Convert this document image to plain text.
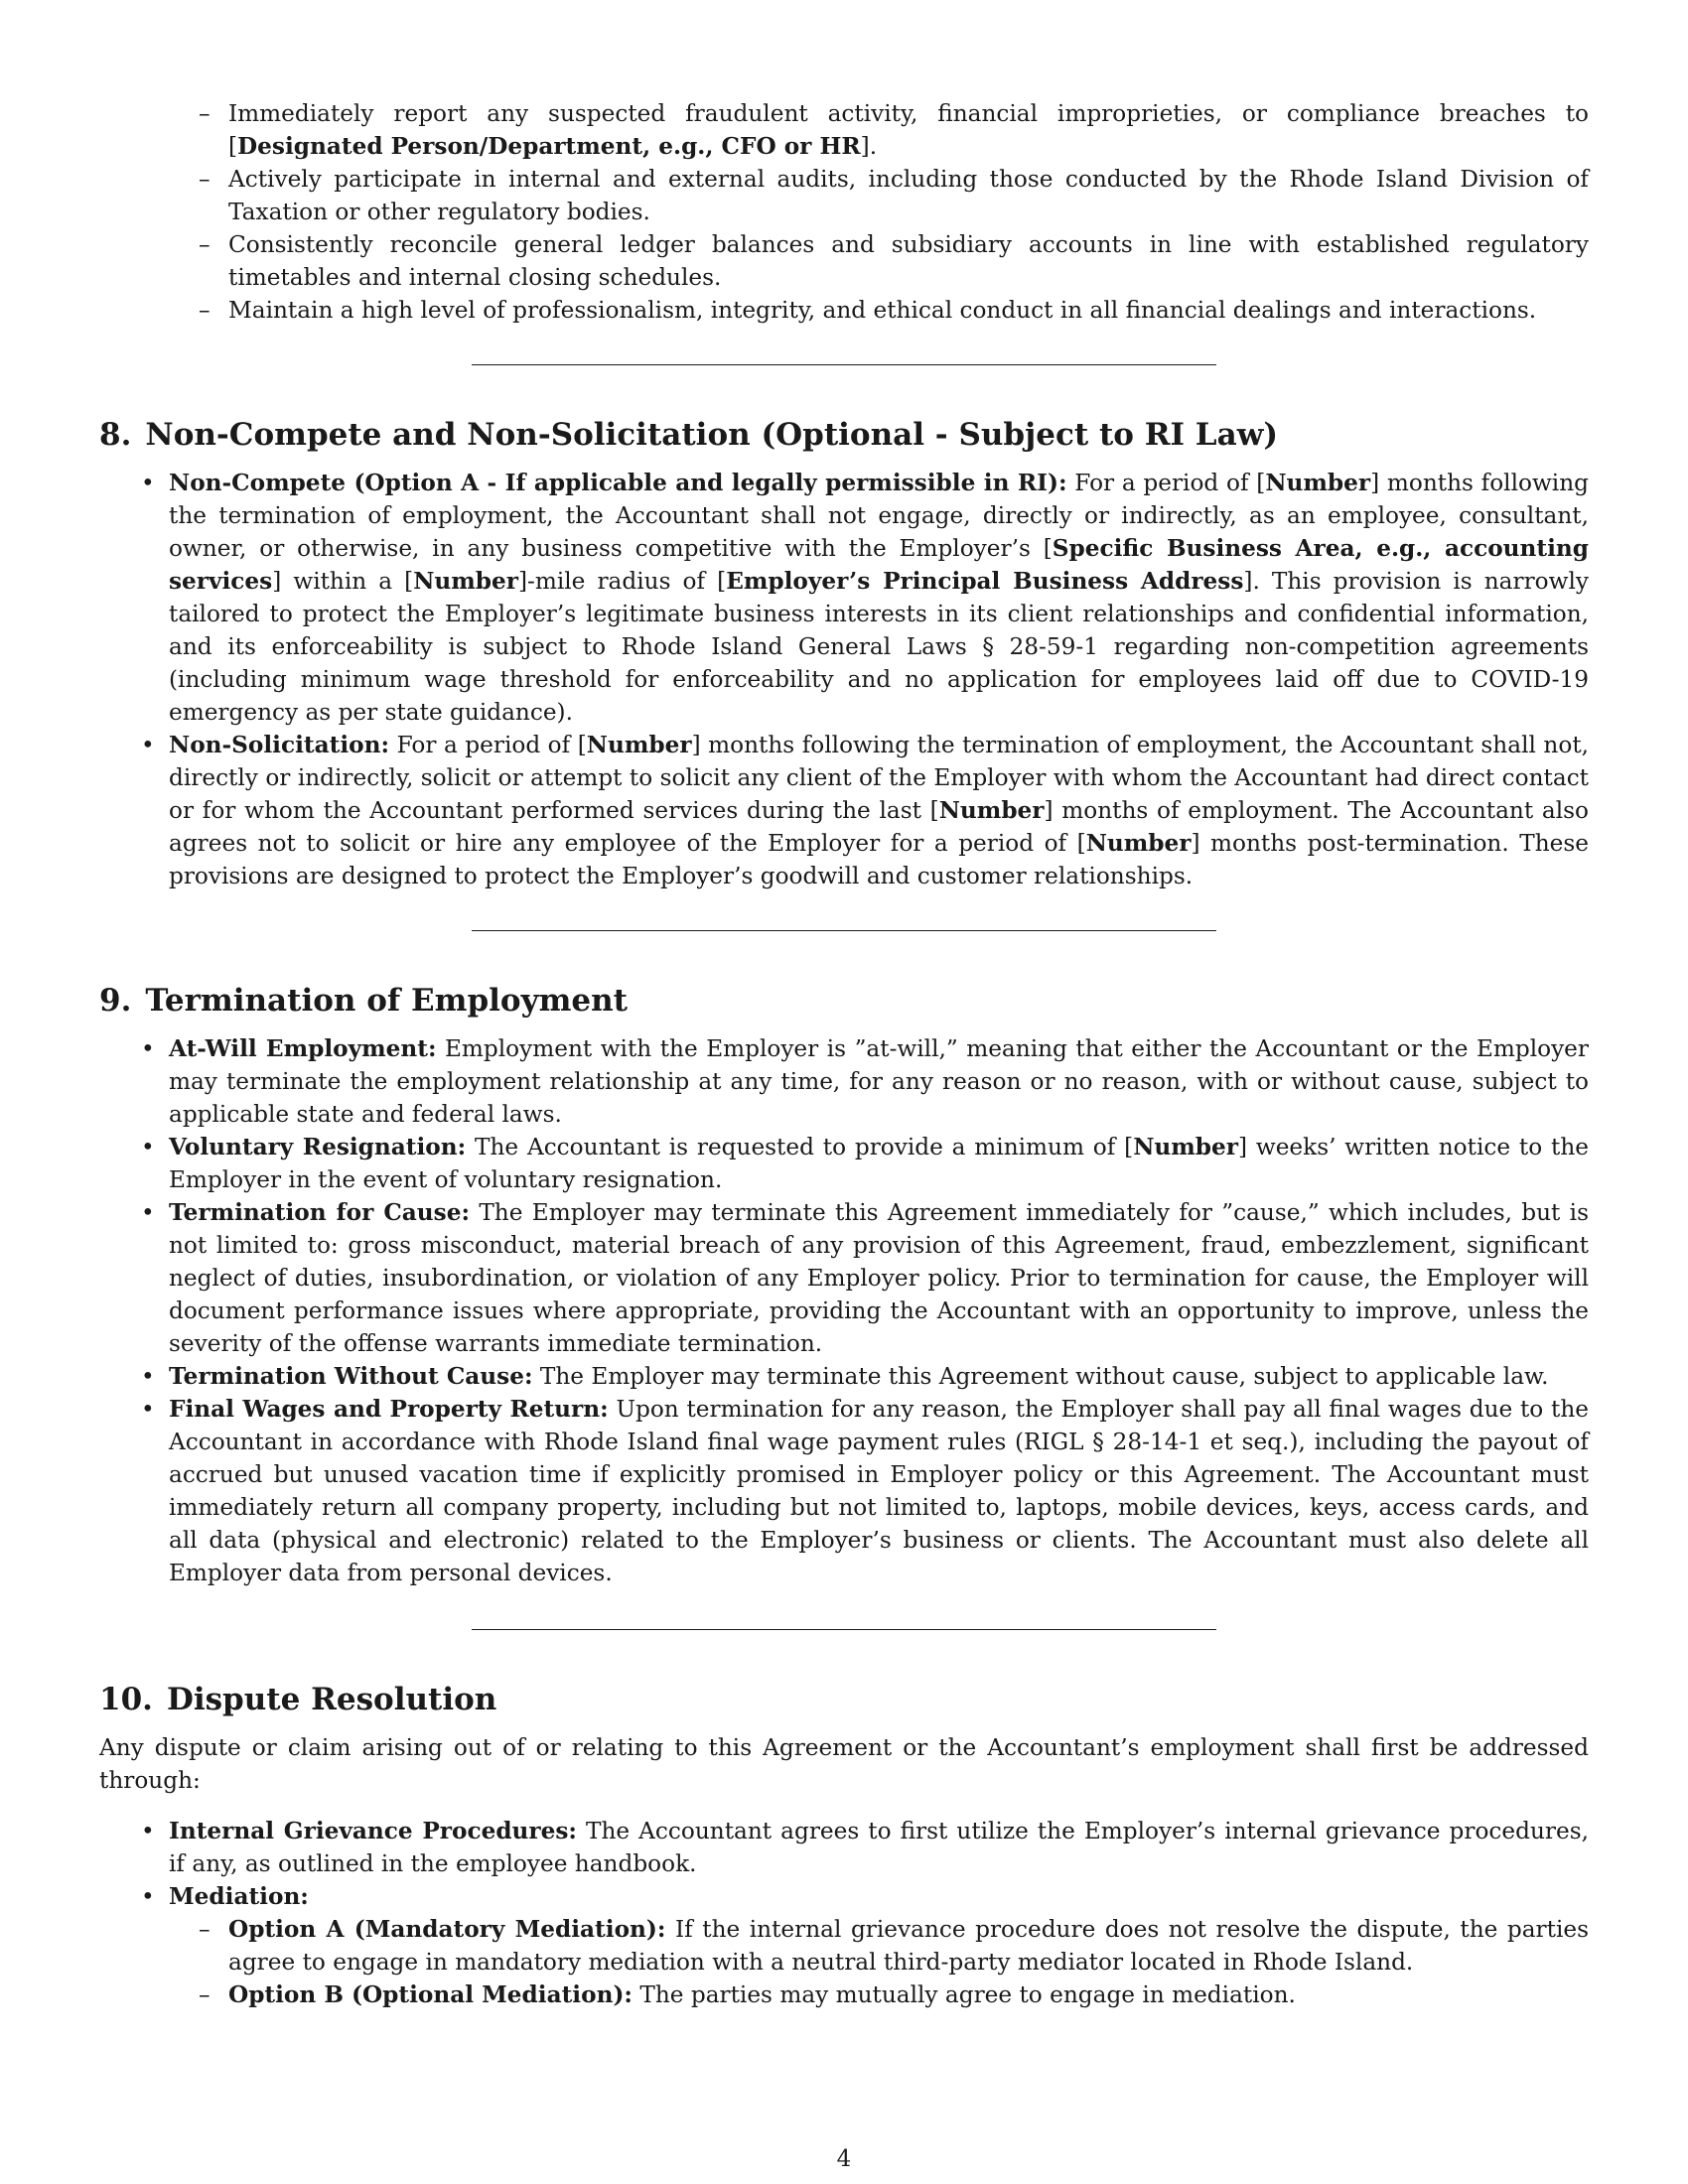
– Immediately report any suspected fraudulent activity, financial improprieties, or compliance breaches to [Designated Person/Department, e.g., CFO or HR].
– Actively participate in internal and external audits, including those conducted by the Rhode Island Division of Taxation or other regulatory bodies.
– Consistently reconcile general ledger balances and subsidiary accounts in line with established regulatory timetables and internal closing schedules.
– Maintain a high level of professionalism, integrity, and ethical conduct in all financial dealings and interactions.
8. Non-Compete and Non-Solicitation (Optional - Subject to RI Law)
• Non-Compete (Option A - If applicable and legally permissible in RI): For a period of [Number] months following the termination of employment, the Accountant shall not engage, directly or indirectly, as an employee, consultant, owner, or otherwise, in any business competitive with the Employer’s [Specific Business Area, e.g., accounting services] within a [Number]-mile radius of [Employer’s Principal Business Address]. This provision is narrowly tailored to protect the Employer’s legitimate business interests in its client relationships and confidential information, and its enforceability is subject to Rhode Island General Laws § 28-59-1 regarding non-competition agreements (including minimum wage threshold for enforceability and no application for employees laid off due to COVID-19 emergency as per state guidance).
• Non-Solicitation: For a period of [Number] months following the termination of employment, the Accountant shall not, directly or indirectly, solicit or attempt to solicit any client of the Employer with whom the Accountant had direct contact or for whom the Accountant performed services during the last [Number] months of employment. The Accountant also agrees not to solicit or hire any employee of the Employer for a period of [Number] months post-termination. These provisions are designed to protect the Employer’s goodwill and customer relationships.
9. Termination of Employment
• At-Will Employment: Employment with the Employer is ”at-will,” meaning that either the Accountant or the Employer may terminate the employment relationship at any time, for any reason or no reason, with or without cause, subject to applicable state and federal laws.
• Voluntary Resignation: The Accountant is requested to provide a minimum of [Number] weeks’ written notice to the Employer in the event of voluntary resignation.
• Termination for Cause: The Employer may terminate this Agreement immediately for ”cause,” which includes, but is not limited to: gross misconduct, material breach of any provision of this Agreement, fraud, embezzlement, significant neglect of duties, insubordination, or violation of any Employer policy. Prior to termination for cause, the Employer will document performance issues where appropriate, providing the Accountant with an opportunity to improve, unless the severity of the offense warrants immediate termination.
• Termination Without Cause: The Employer may terminate this Agreement without cause, subject to applicable law.
• Final Wages and Property Return: Upon termination for any reason, the Employer shall pay all final wages due to the Accountant in accordance with Rhode Island final wage payment rules (RIGL § 28-14-1 et seq.), including the payout of accrued but unused vacation time if explicitly promised in Employer policy or this Agreement. The Accountant must immediately return all company property, including but not limited to, laptops, mobile devices, keys, access cards, and all data (physical and electronic) related to the Employer’s business or clients. The Accountant must also delete all Employer data from personal devices.
10. Dispute Resolution

Any dispute or claim arising out of or relating to this Agreement or the Accountant’s employment shall first be addressed through:

• Internal Grievance Procedures: The Accountant agrees to first utilize the Employer’s internal grievance procedures, if any, as outlined in the employee handbook.
• Mediation:
– Option A (Mandatory Mediation): If the internal grievance procedure does not resolve the dispute, the parties agree to engage in mandatory mediation with a neutral third-party mediator located in Rhode Island.
– Option B (Optional Mediation): The parties may mutually agree to engage in mediation.
4
